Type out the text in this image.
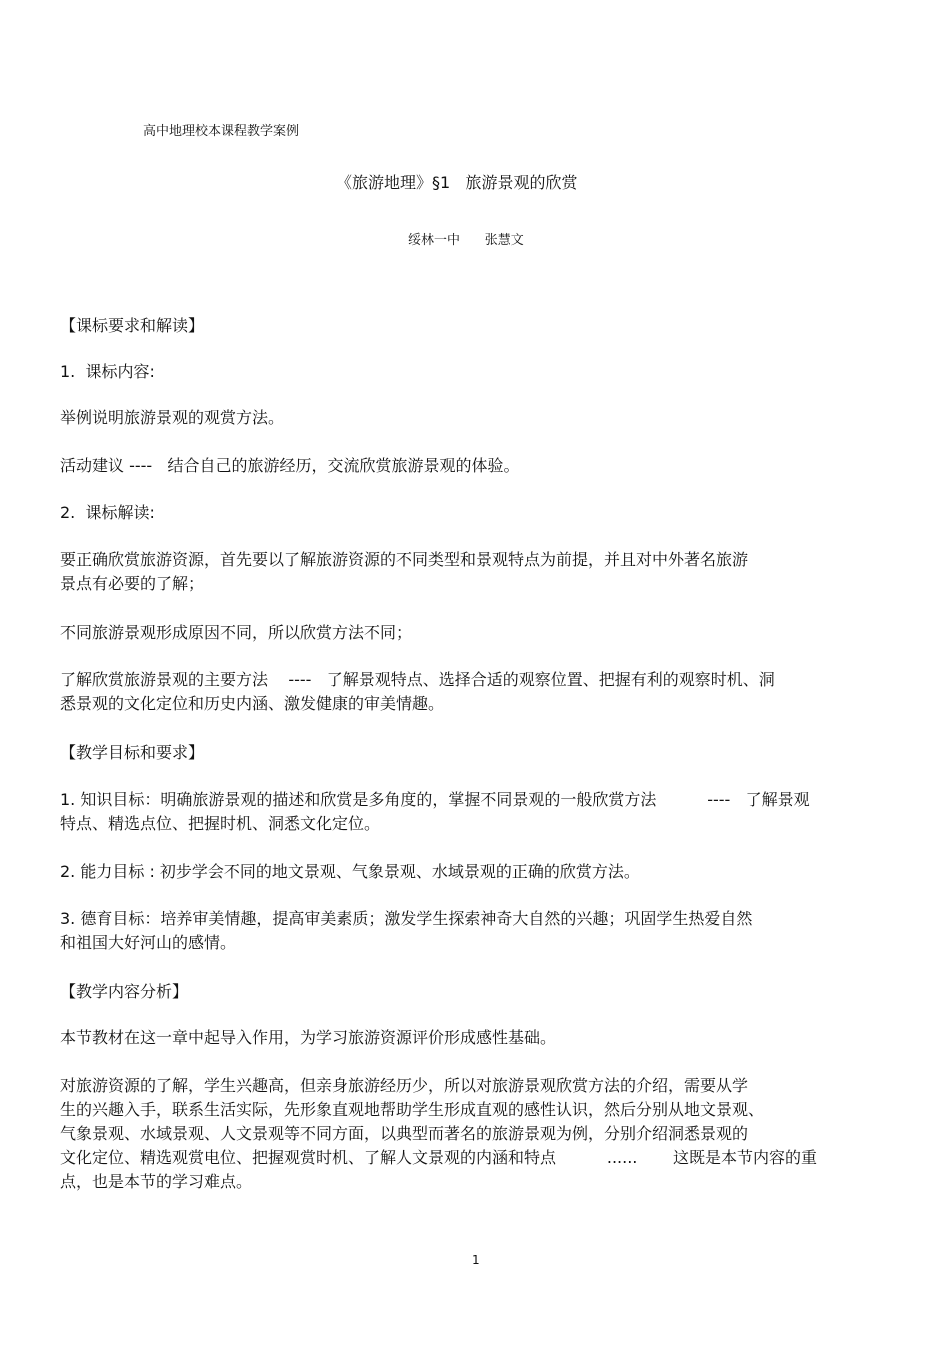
高中地理校本课程教学案例
《旅游地理》§1   旅游景观的欣赏
绥林一中      张慧文
【课标要求和解读】
1.  课标内容:
举例说明旅游景观的观赏方法。
活动建议 ----   结合自己的旅游经历，交流欣赏旅游景观的体验。
2.  课标解读:
要正确欣赏旅游资源，首先要以了解旅游资源的不同类型和景观特点为前提，并且对中外著名旅游
景点有必要的了解；
不同旅游景观形成原因不同，所以欣赏方法不同；
了解欣赏旅游景观的主要方法    ----   了解景观特点、选择合适的观察位置、把握有利的观察时机、洞
悉景观的文化定位和历史内涵、激发健康的审美情趣。
【教学目标和要求】
1. 知识目标：明确旅游景观的描述和欣赏是多角度的，掌握不同景观的一般欣赏方法          ----   了解景观
特点、精选点位、把握时机、洞悉文化定位。
2. 能力目标 : 初步学会不同的地文景观、气象景观、水域景观的正确的欣赏方法。
3. 德育目标：培养审美情趣，提高审美素质；激发学生探索神奇大自然的兴趣；巩固学生热爱自然
和祖国大好河山的感情。
【教学内容分析】
本节教材在这一章中起导入作用，为学习旅游资源评价形成感性基础。
对旅游资源的了解，学生兴趣高，但亲身旅游经历少，所以对旅游景观欣赏方法的介绍，需要从学
生的兴趣入手，联系生活实际，先形象直观地帮助学生形成直观的感性认识，然后分别从地文景观、
气象景观、水域景观、人文景观等不同方面，以典型而著名的旅游景观为例，分别介绍洞悉景观的
文化定位、精选观赏电位、把握观赏时机、了解人文景观的内涵和特点          ......       这既是本节内容的重
点，也是本节的学习难点。
1
